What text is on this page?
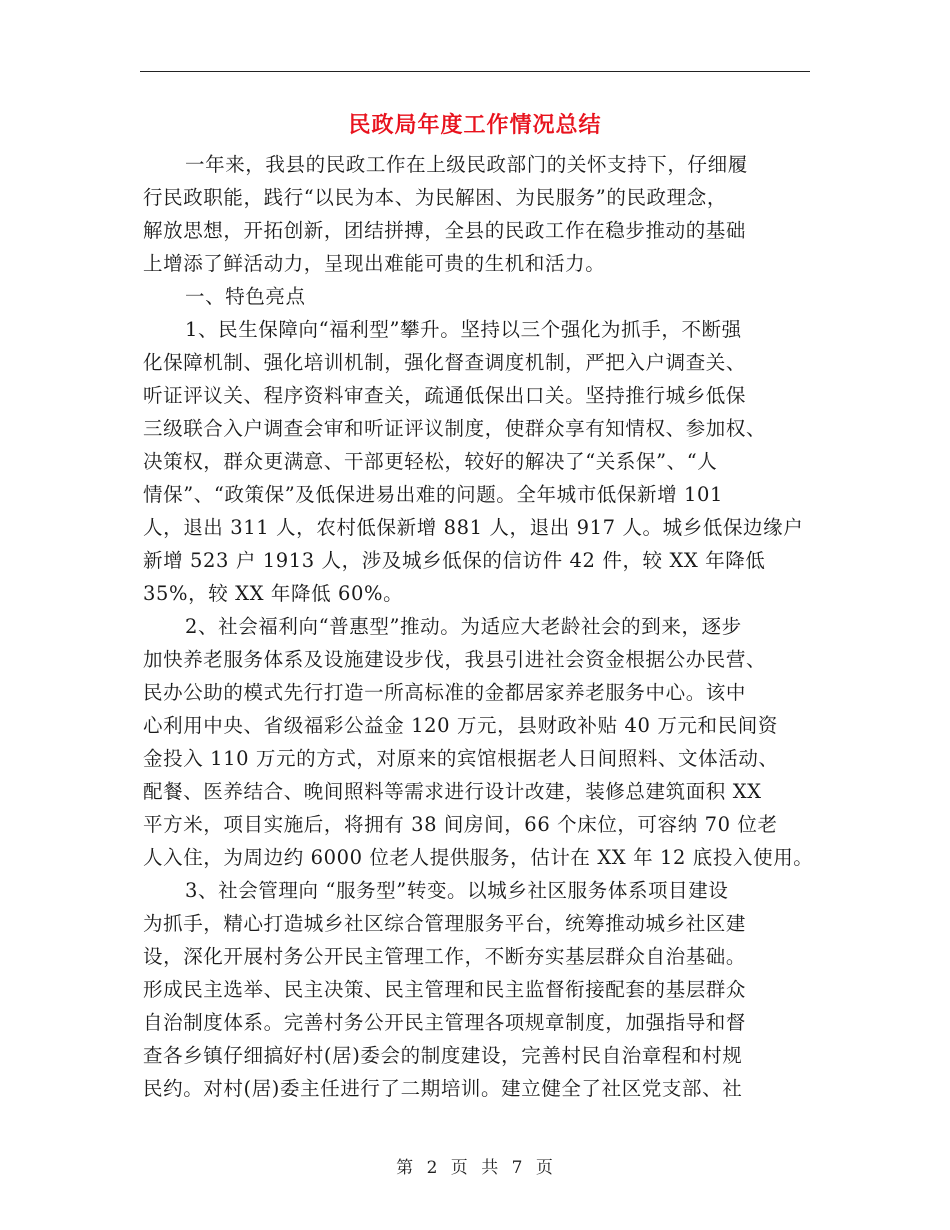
民政局年度工作情况总结
一年来，我县的民政工作在上级民政部门的关怀支持下，仔细履
行民政职能，践行“以民为本、为民解困、为民服务”的民政理念，
解放思想，开拓创新，团结拼搏，全县的民政工作在稳步推动的基础
上增添了鲜活动力，呈现出难能可贵的生机和活力。
一、特色亮点
1、民生保障向“福利型”攀升。坚持以三个强化为抓手，不断强
化保障机制、强化培训机制，强化督查调度机制，严把入户调查关、
听证评议关、程序资料审查关，疏通低保出口关。坚持推行城乡低保
三级联合入户调查会审和听证评议制度，使群众享有知情权、参加权、
决策权，群众更满意、干部更轻松，较好的解决了“关系保”、“人
情保”、“政策保”及低保进易出难的问题。全年城市低保新增 101
人，退出 311 人，农村低保新增 881 人，退出 917 人。城乡低保边缘户
新增 523 户 1913 人，涉及城乡低保的信访件 42 件，较 XX 年降低
35%，较 XX 年降低 60%。
2、社会福利向“普惠型”推动。为适应大老龄社会的到来，逐步
加快养老服务体系及设施建设步伐，我县引进社会资金根据公办民营、
民办公助的模式先行打造一所高标准的金都居家养老服务中心。该中
心利用中央、省级福彩公益金 120 万元，县财政补贴 40 万元和民间资
金投入 110 万元的方式，对原来的宾馆根据老人日间照料、文体活动、
配餐、医养结合、晚间照料等需求进行设计改建，装修总建筑面积 XX
平方米，项目实施后，将拥有 38 间房间，66 个床位，可容纳 70 位老
人入住，为周边约 6000 位老人提供服务，估计在 XX 年 12 底投入使用。
3、社会管理向 “服务型”转变。以城乡社区服务体系项目建设
为抓手，精心打造城乡社区综合管理服务平台，统筹推动城乡社区建
设，深化开展村务公开民主管理工作，不断夯实基层群众自治基础。
形成民主选举、民主决策、民主管理和民主监督衔接配套的基层群众
自治制度体系。完善村务公开民主管理各项规章制度，加强指导和督
查各乡镇仔细搞好村(居)委会的制度建设，完善村民自治章程和村规
民约。对村(居)委主任进行了二期培训。建立健全了社区党支部、社
第 2 页 共 7 页
